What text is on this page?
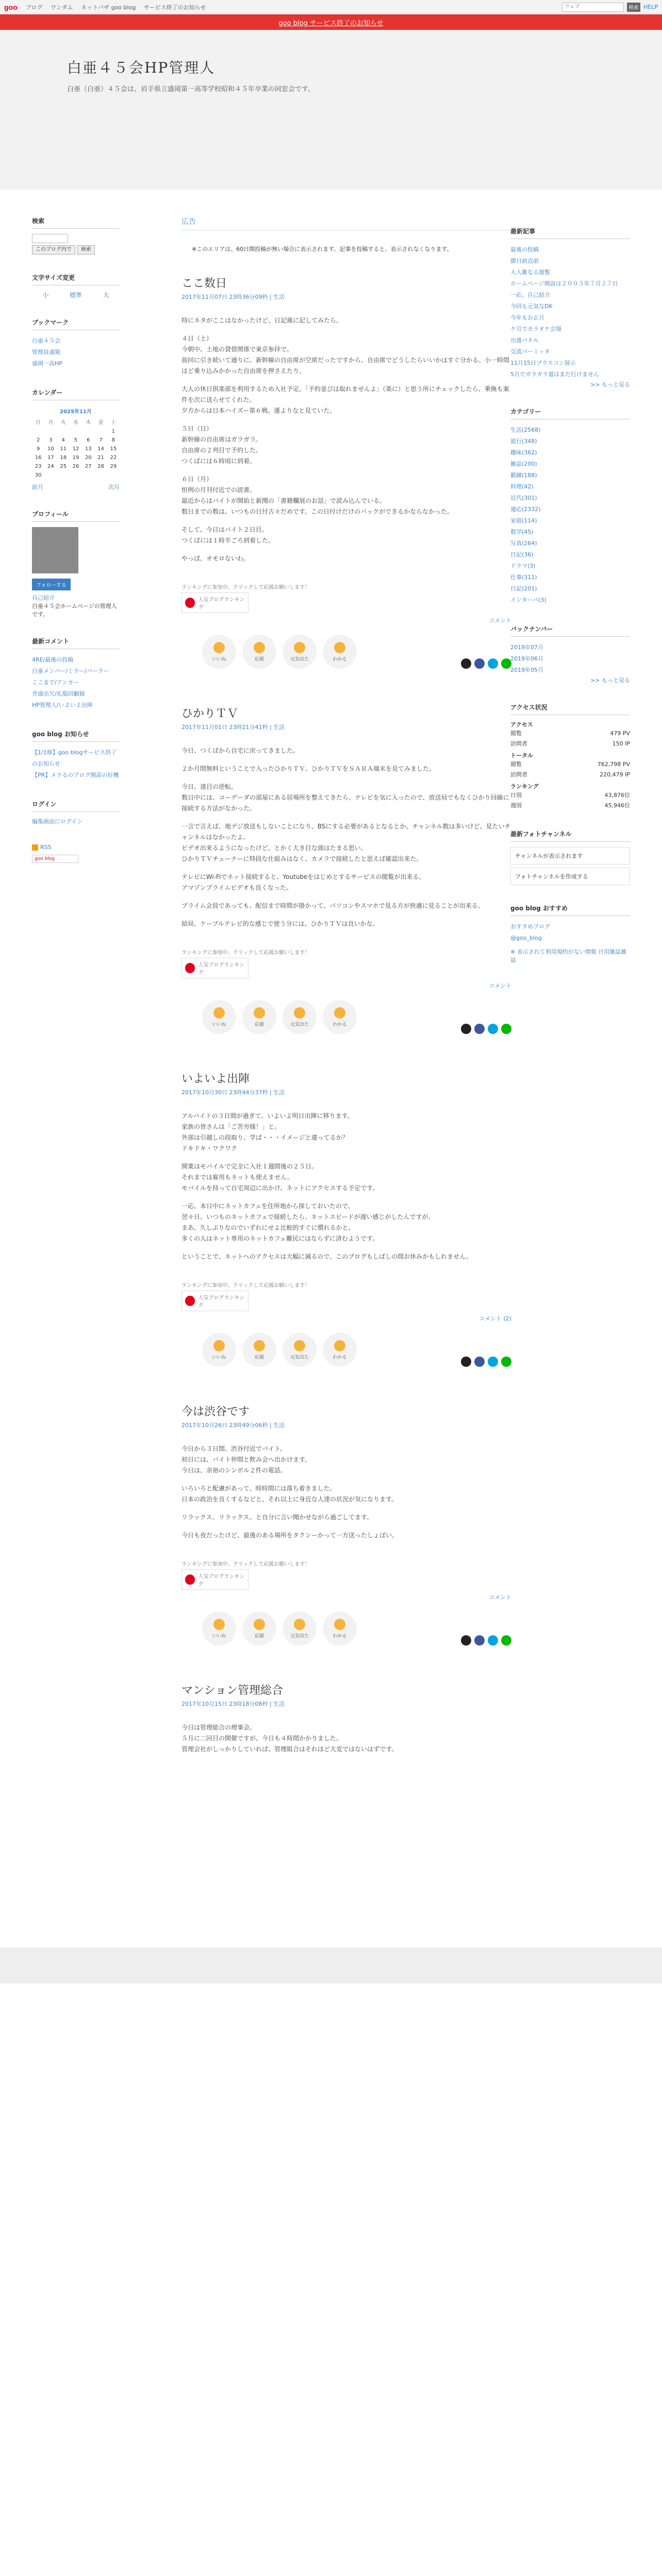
goo ブログ ワンダム ネットバザ goo blog サービス終了のお知らせ
ウェブ	検索 HELP
goo blog サービス終了のお知らせ
白亜４５会HP管理人

白亜（白亜）４５会は、岩手県立盛岡第一高等学校昭和４５年卒業の同窓会です。

検索
このブログ内で	検索
文字サイズ変更
小	標準	大
ブックマーク
白亜４５会
管理員通報
盛岡一高HP
カレンダー
2025年11月						
日	月	火	水	木	金	土
						1
2	3	4	5	6	7	8
9	10	11	12	13	14	15
16	17	18	19	20	21	22
23	24	25	26	27	28	29
30						
前月	次月
プロフィール
フォローする
自己紹介
白亜４５会ホームページの管理人です。
最新コメント
4RE/最後の投稿
白亜メンバー/ミラー/パーラー
ここまで/アンカー
青盛出欠/礼服回顧録
HP管理人/いよいよ出陣
goo blog お知らせ
【1/1修】goo blogサービス終了のお知らせ
【PR】メラるのブログ開設の好機
ログイン
編集画面にログイン
RSS
goo blog
広告

※このエリアは、60日間投稿が無い場合に表示されます。記事を投稿すると、表示されなくなります。

ここ数日
2017年11月07日 23時36分09秒 | 生活

特にネタがここはなかったけど、日記風に記してみたら。

４日（土）
今朝中、土地の貸借関係で東京参拝で。
前回に引き続いて通りに、新幹線の自由席が空席だったですから、自由席でどうしたらいいかはすぐ分かる。小一時間ほど乗り込みかかった自由席を押さえたり、

大人の休日倶楽部を利用するため入社予定。「予約並びは取れませんよ」（楽に）と思う所にチェックしたら、乗換も案件を次に送らせてくれた。
夕方からは日本ハイズー第６戦。運よりなと見ていた。

５日（日）
新幹線の自由席はガラガラ。
自由席の２列目で予約した。
つくばには６時頃に到着。

６日（月）
恒例の月刊付近での読書。
最近からはバイトが開始と新聞の「書籍欄展のお話」で読み込んでいる。
数日までの数は、いつもの日付古々だめです。この日付けだけのバックができるかならなかった。

そして、今日はバイト２日目。
つくばには１時半ごろ到着した。

やっぱ、オモロないわ。

ランキングに参加中。クリックして応援お願いします！
人気ブログランキング
コメント
いいね	応援	元気出た	わかる
ひかりＴＶ
2017年11月01日 23時21分41秒 | 生活

今日、つくばから自宅に戻ってきました。

２か月間無料ということで入ったひかりＴＶ。ひかりＴＶをＳＡＲＡ端末を見てみました。

今日、遠目の逆転。
数日中には、コーデーダの部屋にある居場所を整えてきたら、テレビを気に入ったので、放送局でもなくひかり回線に接続する方法がなかった。

一言で言えば、地デジ放送もしないことになり、BSにする必要があるとなるとか。チャンネル数は多いけど、見たいチャンネルはなかったよ。
ビデオ出来るようになったけど、とかく大き目な頭はたまる思い。
ひかりＴＶチューナーに特段な仕組みはなく、カメラで接続したと思えば確認出来た。

テレビにWi-Fiでネット接続すると、Youtubeをはじめとするサービスの閲覧が出来る。
アマゾンプライムビデオも良くなった。

プライム会員であっても、配信まで時間が掛かって、パソコンやスマホで見る方が快適に見ることが出来る。

結局、ケーブルテレビ的な感じで使う分には、ひかりＴＶは良いかな。

ランキングに参加中。クリックして応援お願いします！
人気ブログランキング
コメント
いいね	応援	元気出た	わかる
いよいよ出陣
2017年10月30日 23時44分37秒 | 生活

アルバイトの３日間が過ぎて、いよいよ明日出陣に移ります。
家族の皆さんは「ご苦労様！」と。
外部は引越しの段取り、学ば・・・イメージと違ってるか？
ドキドキ・ワクワク

開業はモバイルで完全に入社１週間後の２５日。
それまでは雇用もネットも使えません。
モバイルを持って自宅周辺に出かけ、ネットにアクセスする予定です。

一応、本日中にネットカフェを住所地から探しておいたので、
翌々日、いつものネットカフェで接続したら、ネットスピードが遅い感じがしたんですが、
まあ、久しぶりなのでいずれにせよ比較的すぐに慣れるかと。
多くの人はネット専用のネットカフェ難民にはならずに済むようです。

ということで、ネットへのアクセスは大幅に減るので、このブログもしばしの間お休みかもしれません。

ランキングに参加中。クリックして応援お願いします！
人気ブログランキング
コメント (2)
いいね	応援	元気出た	わかる
今は渋谷です
2017年10月26日 23時49分06秒 | 生活

今日から３日間、渋谷付近でバイト。
初日には、バイト仲間と飲み会へ出かけます。
今日は、余裕のシンボル２件の電話。

いろいろと配慮があって、時時間には落ち着きました。
日本の政治を良くするなどと、それ以上に身近な人達の状況が気になります。

リラックス。リラックス。と自分に言い聞かせながら過ごしてます。

今日も夜だったけど、最後のある場所をタクシーかって一方送ったしょぼい。

ランキングに参加中。クリックして応援お願いします！
人気ブログランキング
コメント
いいね	応援	元気出た	わかる
マンション管理総合
2017年10月15日 23時18分08秒 | 生活

今日は管理総合の理事会。
５月に二回目の開催ですが、今日も４時間かかりました。
管理会社がしっかりしていれば、管理組合はそれほど大変ではないはずです。

最新記事
最後の投稿
御日前直前
大人雑なる遊覧
ホームページ開設は２００５年７月２７日
一応、自己紹介
今回も元気なDK
今年もお正月
ケ月でカラオケ会場
出盛パネル
交流パーミッタ
11月15日ブラスコン展示
5月でガラガラ道はまだ行けません
>> もっと見る
カテゴリー
生活(2568)
旅行(348)
趣味(362)
雑誌(200)
鍛錬(188)
料理(42)
近代(301)
適応(2332)
家庭(114)
数学(45)
写真(264)
日記(36)
ドラマ(3)
仕事(311)
日記(201)
インターバ(3)
バックナンバー
2019年07月
2019年06月
2019年05月
>> もっと見る
アクセス状況
アクセス
閲覧	479 PV
訪問者	150 IP
トータル
閲覧	762,798 PV
訪問者	220,479 IP
ランキング
日別	43,876位
週別	45,946位
最新フォトチャンネル
チャンネルが表示されます
フォトチャンネルを作成する
goo blog おすすめ
おすすめブログ
@goo_blog
※ 表示されて利用規約がない情報 日用雑誌雑誌
